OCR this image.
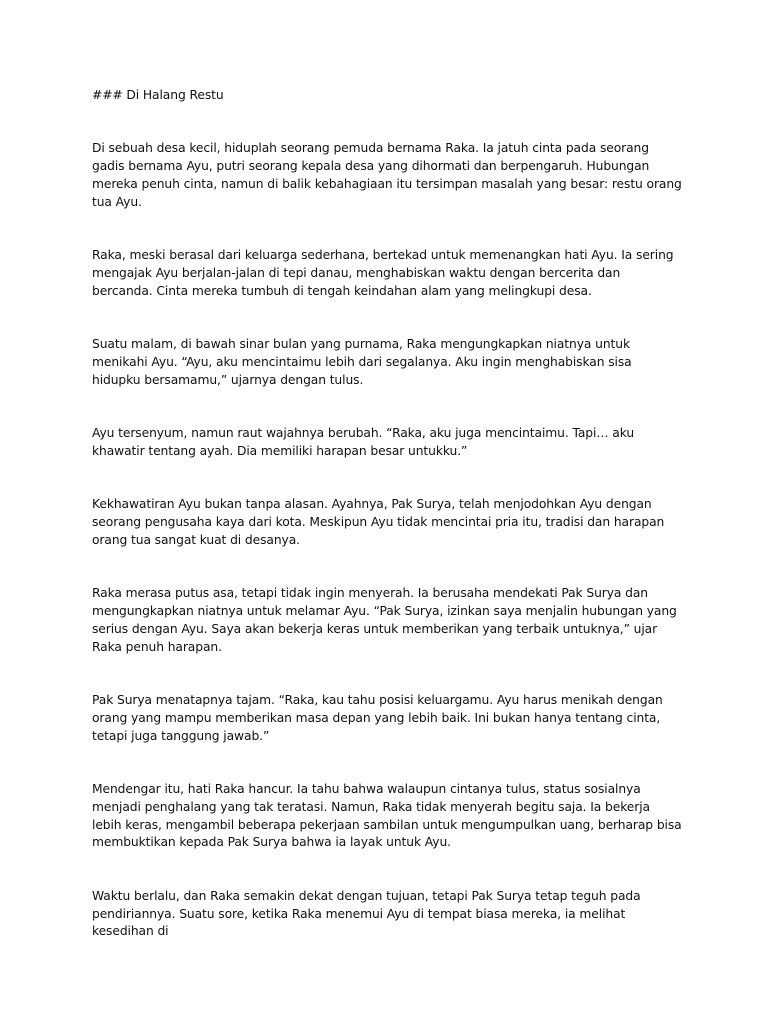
### Di Halang Restu

Di sebuah desa kecil, hiduplah seorang pemuda bernama Raka. Ia jatuh cinta pada seorang gadis bernama Ayu, putri seorang kepala desa yang dihormati dan berpengaruh. Hubungan mereka penuh cinta, namun di balik kebahagiaan itu tersimpan masalah yang besar: restu orang tua Ayu.

Raka, meski berasal dari keluarga sederhana, bertekad untuk memenangkan hati Ayu. Ia sering mengajak Ayu berjalan-jalan di tepi danau, menghabiskan waktu dengan bercerita dan bercanda. Cinta mereka tumbuh di tengah keindahan alam yang melingkupi desa.

Suatu malam, di bawah sinar bulan yang purnama, Raka mengungkapkan niatnya untuk menikahi Ayu. “Ayu, aku mencintaimu lebih dari segalanya. Aku ingin menghabiskan sisa hidupku bersamamu,” ujarnya dengan tulus.

Ayu tersenyum, namun raut wajahnya berubah. “Raka, aku juga mencintaimu. Tapi… aku khawatir tentang ayah. Dia memiliki harapan besar untukku.”

Kekhawatiran Ayu bukan tanpa alasan. Ayahnya, Pak Surya, telah menjodohkan Ayu dengan seorang pengusaha kaya dari kota. Meskipun Ayu tidak mencintai pria itu, tradisi dan harapan orang tua sangat kuat di desanya.

Raka merasa putus asa, tetapi tidak ingin menyerah. Ia berusaha mendekati Pak Surya dan mengungkapkan niatnya untuk melamar Ayu. “Pak Surya, izinkan saya menjalin hubungan yang serius dengan Ayu. Saya akan bekerja keras untuk memberikan yang terbaik untuknya,” ujar Raka penuh harapan.

Pak Surya menatapnya tajam. “Raka, kau tahu posisi keluargamu. Ayu harus menikah dengan orang yang mampu memberikan masa depan yang lebih baik. Ini bukan hanya tentang cinta, tetapi juga tanggung jawab.”

Mendengar itu, hati Raka hancur. Ia tahu bahwa walaupun cintanya tulus, status sosialnya menjadi penghalang yang tak teratasi. Namun, Raka tidak menyerah begitu saja. Ia bekerja lebih keras, mengambil beberapa pekerjaan sambilan untuk mengumpulkan uang, berharap bisa membuktikan kepada Pak Surya bahwa ia layak untuk Ayu.

Waktu berlalu, dan Raka semakin dekat dengan tujuan, tetapi Pak Surya tetap teguh pada pendiriannya. Suatu sore, ketika Raka menemui Ayu di tempat biasa mereka, ia melihat kesedihan di
